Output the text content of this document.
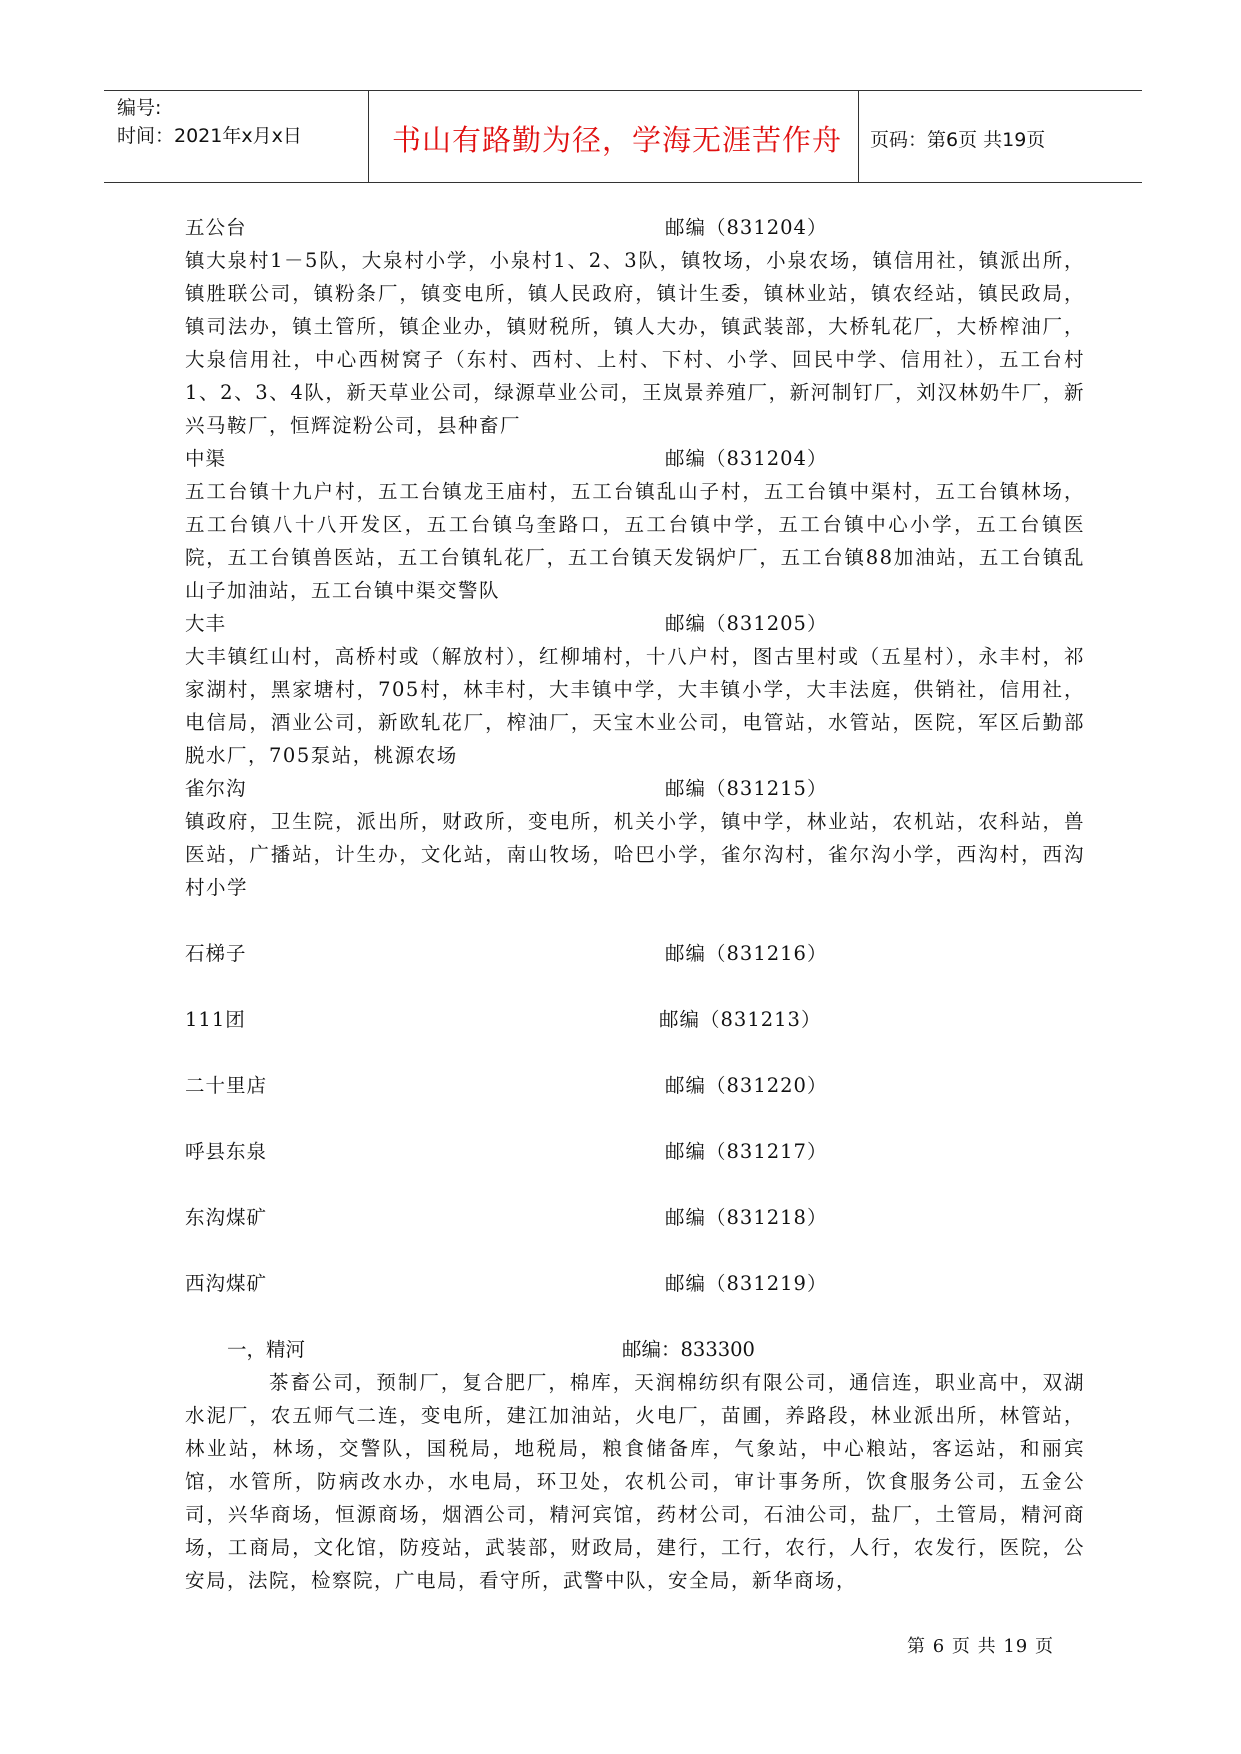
编号:
时间：2021年x月x日	书山有路勤为径，学海无涯苦作舟 页码：第6页 共19页
五公台	邮编（831204）
镇大泉村1－5队，大泉村小学，小泉村1、2、3队，镇牧场，小泉农场，镇信用社，镇派出所，镇胜联公司，镇粉条厂，镇变电所，镇人民政府，镇计生委，镇林业站，镇农经站，镇民政局，镇司法办，镇土管所，镇企业办，镇财税所，镇人大办，镇武装部，大桥轧花厂，大桥榨油厂，大泉信用社，中心西树窝子（东村、西村、上村、下村、小学、回民中学、信用社），五工台村1、2、3、4队，新天草业公司，绿源草业公司，王岚景养殖厂，新河制钉厂，刘汉林奶牛厂，新兴马鞍厂，恒辉淀粉公司，县种畜厂
中渠	邮编（831204）
五工台镇十九户村，五工台镇龙王庙村，五工台镇乱山子村，五工台镇中渠村，五工台镇林场，五工台镇八十八开发区，五工台镇乌奎路口，五工台镇中学，五工台镇中心小学，五工台镇医院，五工台镇兽医站，五工台镇轧花厂，五工台镇天发锅炉厂，五工台镇88加油站，五工台镇乱山子加油站，五工台镇中渠交警队
大丰	邮编（831205）
大丰镇红山村，高桥村或（解放村），红柳埔村，十八户村，图古里村或（五星村），永丰村，祁家湖村，黑家塘村，705村，林丰村，大丰镇中学，大丰镇小学，大丰法庭，供销社，信用社，电信局，酒业公司，新欧轧花厂，榨油厂，天宝木业公司，电管站，水管站，医院，军区后勤部脱水厂，705泵站，桃源农场
雀尔沟	邮编（831215）
镇政府，卫生院，派出所，财政所，变电所，机关小学，镇中学，林业站，农机站，农科站，兽医站，广播站，计生办，文化站，南山牧场，哈巴小学，雀尔沟村，雀尔沟小学，西沟村，西沟村小学
石梯子	邮编（831216）
111团	邮编（831213）
二十里店	邮编（831220）
呼县东泉	邮编（831217）
东沟煤矿	邮编（831218）
西沟煤矿	邮编（831219）
一，精河	邮编：833300
茶畜公司，预制厂，复合肥厂，棉库，天润棉纺织有限公司，通信连，职业高中，双湖水泥厂，农五师气二连，变电所，建江加油站，火电厂，苗圃，养路段，林业派出所，林管站，林业站，林场，交警队，国税局，地税局，粮食储备库，气象站，中心粮站，客运站，和丽宾馆，水管所，防病改水办，水电局，环卫处，农机公司，审计事务所，饮食服务公司，五金公司，兴华商场，恒源商场，烟酒公司，精河宾馆，药材公司，石油公司，盐厂，土管局，精河商场，工商局，文化馆，防疫站，武装部，财政局，建行，工行，农行，人行，农发行，医院，公安局，法院，检察院，广电局，看守所，武警中队，安全局，新华商场，
第 6 页 共 19 页
